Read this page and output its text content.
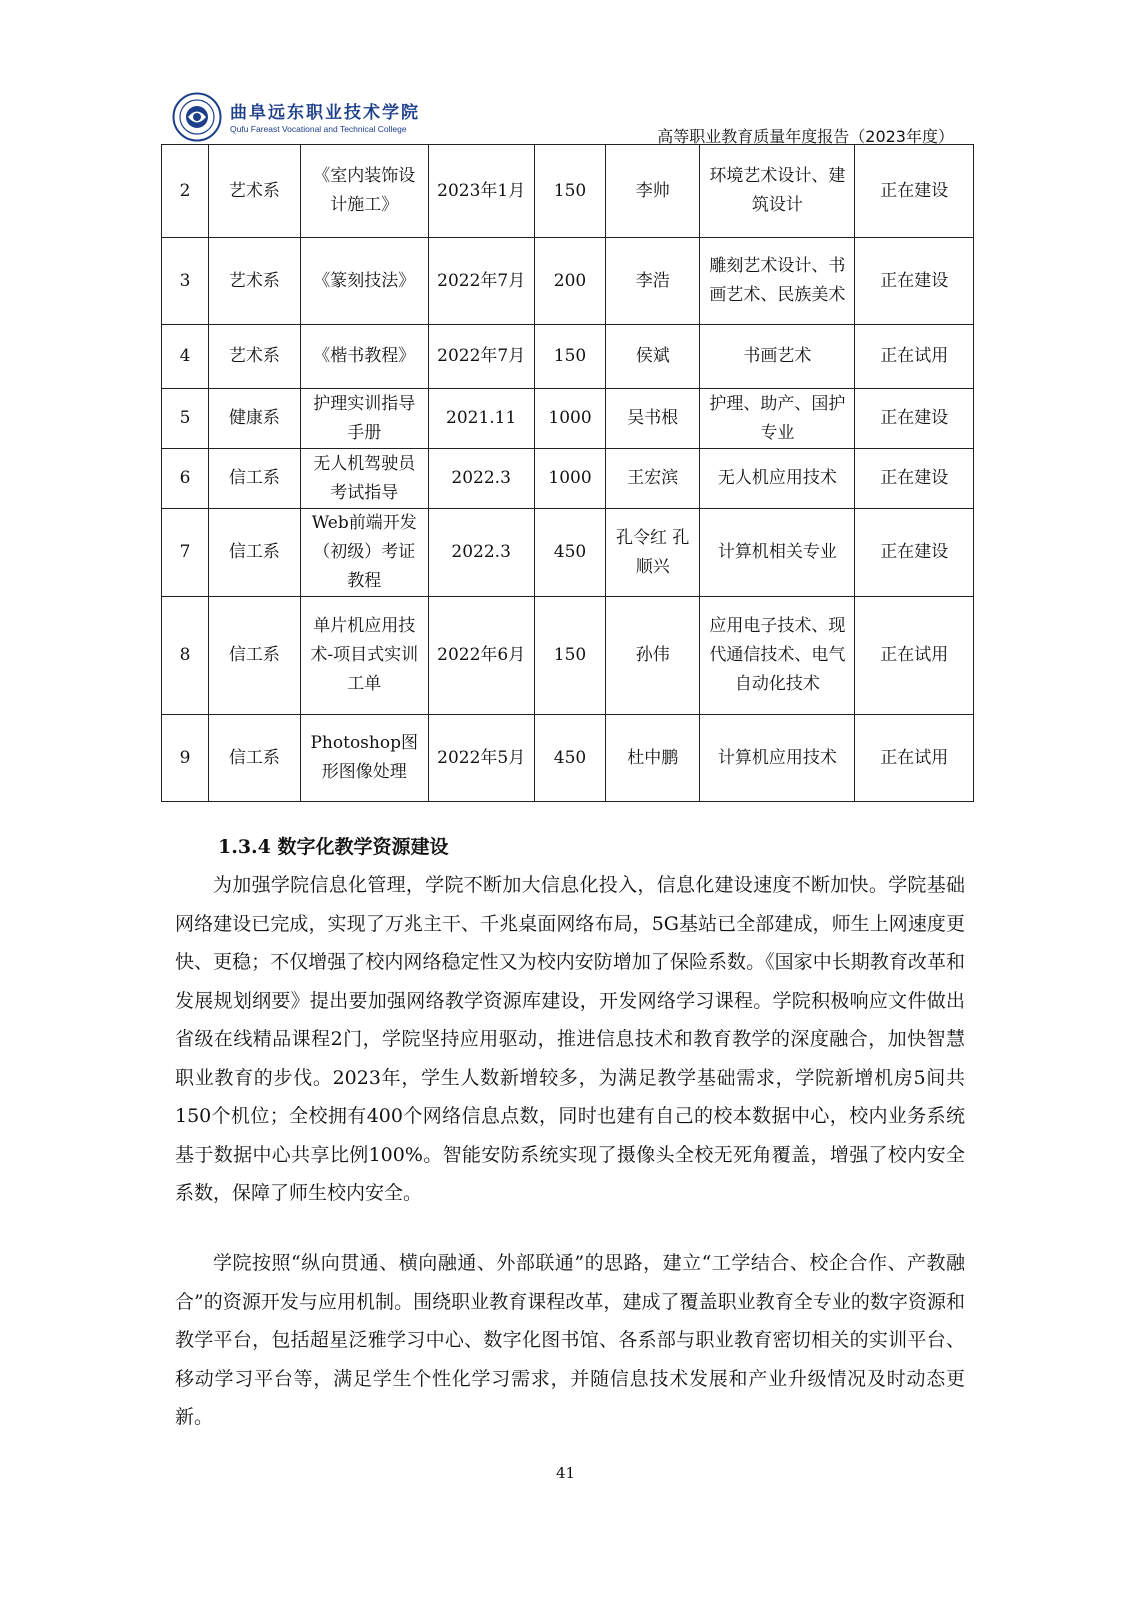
曲阜远东职业技术学院
Qufu Fareast Vocational and Technical College	高等职业教育质量年度报告（2023年度）
2	艺术系	《室内装饰设计施工》	2023年1月	150	李帅	环境艺术设计、建筑设计	正在建设
3	艺术系	《篆刻技法》	2022年7月	200	李浩	雕刻艺术设计、书画艺术、民族美术	正在建设
4	艺术系	《楷书教程》	2022年7月	150	侯斌	书画艺术	正在试用
5	健康系	护理实训指导手册	2021.11	1000	吴书根	护理、助产、国护专业	正在建设
6	信工系	无人机驾驶员考试指导	2022.3	1000	王宏滨	无人机应用技术	正在建设
7	信工系	Web前端开发（初级）考证教程	2022.3	450	孔令红 孔顺兴	计算机相关专业	正在建设
8	信工系	单片机应用技术-项目式实训工单	2022年6月	150	孙伟	应用电子技术、现代通信技术、电气自动化技术	正在试用
9	信工系	Photoshop图形图像处理	2022年5月	450	杜中鹏	计算机应用技术	正在试用
1.3.4 数字化教学资源建设

为加强学院信息化管理，学院不断加大信息化投入，信息化建设速度不断加快。学院基础网络建设已完成，实现了万兆主干、千兆桌面网络布局，5G基站已全部建成，师生上网速度更快、更稳；不仅增强了校内网络稳定性又为校内安防增加了保险系数。《国家中长期教育改革和发展规划纲要》提出要加强网络教学资源库建设，开发网络学习课程。学院积极响应文件做出省级在线精品课程2门，学院坚持应用驱动，推进信息技术和教育教学的深度融合，加快智慧职业教育的步伐。2023年，学生人数新增较多，为满足教学基础需求，学院新增机房5间共150个机位；全校拥有400个网络信息点数，同时也建有自己的校本数据中心，校内业务系统基于数据中心共享比例100%。智能安防系统实现了摄像头全校无死角覆盖，增强了校内安全系数，保障了师生校内安全。

学院按照“纵向贯通、横向融通、外部联通”的思路，建立“工学结合、校企合作、产教融合”的资源开发与应用机制。围绕职业教育课程改革，建成了覆盖职业教育全专业的数字资源和教学平台，包括超星泛雅学习中心、数字化图书馆、各系部与职业教育密切相关的实训平台、移动学习平台等，满足学生个性化学习需求，并随信息技术发展和产业升级情况及时动态更新。

41
